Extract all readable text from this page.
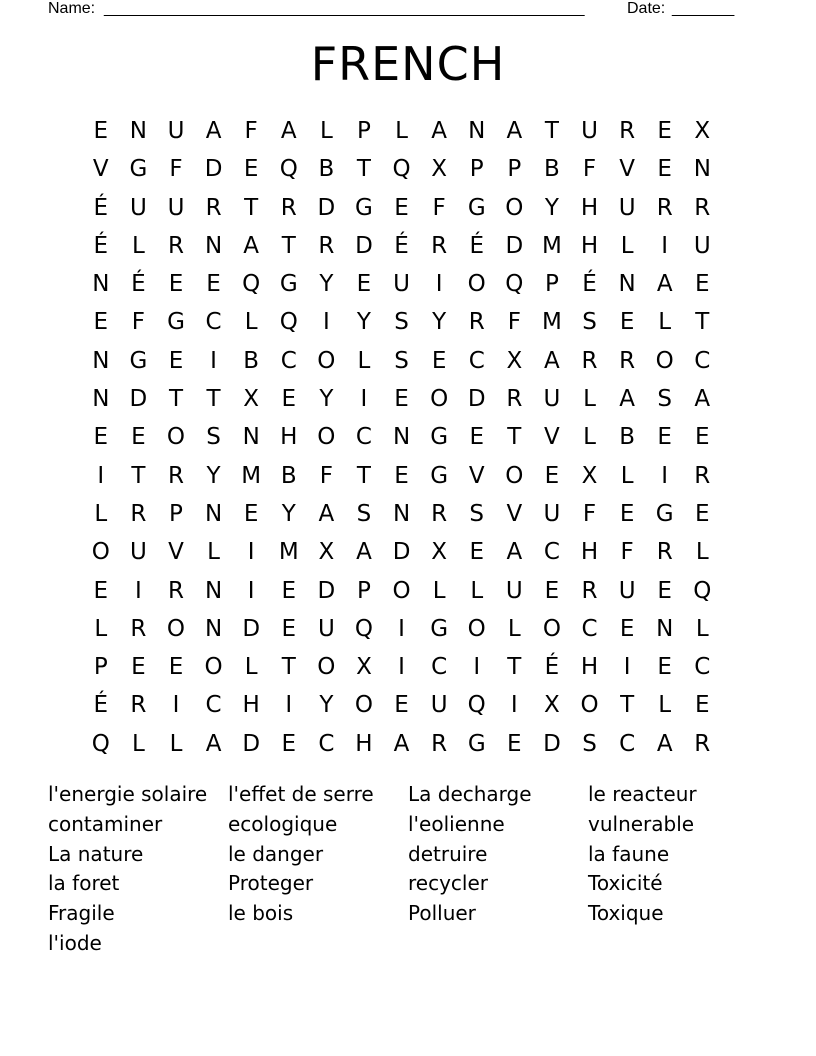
Name: ______________________________________________________	Date: _______
FRENCH
E N U A	F	A	L	P	L	A N A T U R E X
V G F D E Q B T Q X P	P B	F	V E N
É U U R T R D G E	F G O Y H U R R
É	L	R N A T R D É R É D M H L	I	U
N É	E	E Q G Y	E U	I	O Q P	É N A E
E	F G C	L Q	I	Y	S	Y R F M S	E	L	T
N G E	I	B C O L	S	E C X A R R O C
N D T	T X E	Y	I	E O D R U L	A S A
E	E O S N H O C N G E	T V	L	B E	E
I	T R Y M B	F	T	E G V O E X	L	I	R
L	R P N E	Y A S N R S V U F	E G E
O U V	L	I	M X A D X E A C H F R	L
E	I	R N	I	E D P O L	L U E R U E Q
L	R O N D E U Q	I	G O L O C E N L
P	E	E O L	T O X	I	C	I	T	É H	I	E C
É R	I	C H	I	Y O E U Q	I	X O T	L	E
Q L	L	A D E C H A R G E D S C A R
l'energie solaire	l'effet de serre	La decharge	le reacteur
contaminer	ecologique	l'eolienne	vulnerable
La nature	le danger	detruire	la faune
la foret	Proteger	recycler	Toxicité
Fragile	le bois	Polluer	Toxique
l'iode
